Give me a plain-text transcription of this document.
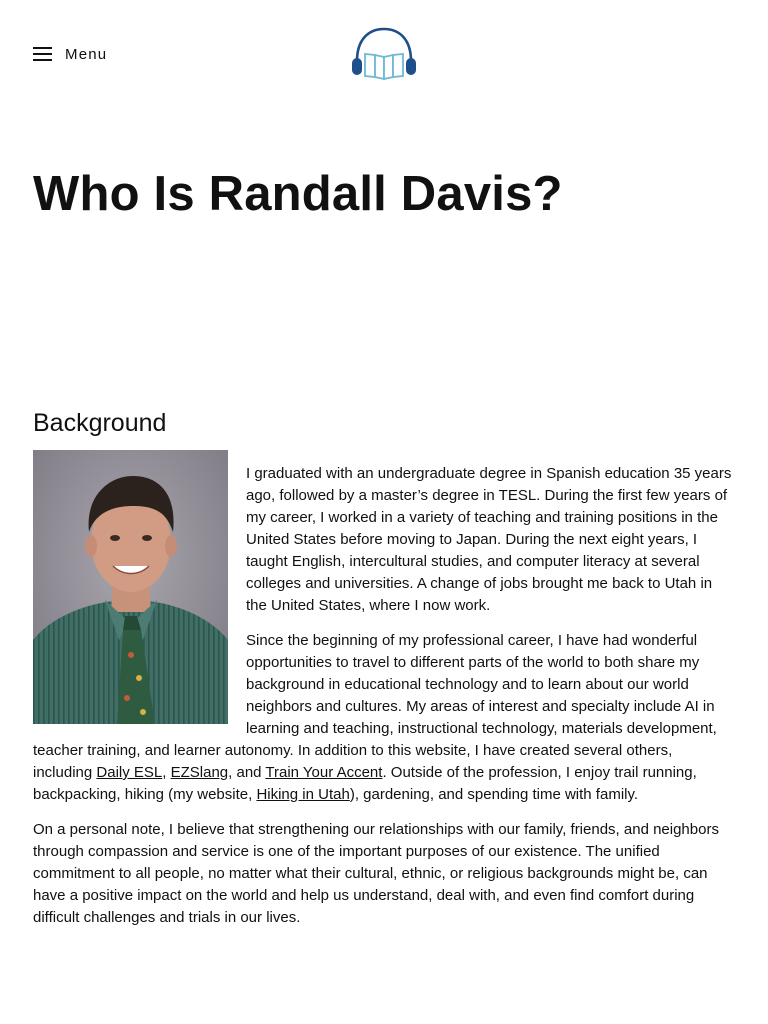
Menu
Who Is Randall Davis?
Background

I graduated with an undergraduate degree in Spanish education 35 years ago, followed by a master’s degree in TESL. During the first few years of my career, I worked in a variety of teaching and training positions in the United States before moving to Japan. During the next eight years, I taught English, intercultural studies, and computer literacy at several colleges and universities. A change of jobs brought me back to Utah in the United States, where I now work.

Since the beginning of my professional career, I have had wonderful opportunities to travel to different parts of the world to both share my background in educational technology and to learn about our world neighbors and cultures. My areas of interest and specialty include AI in learning and teaching, instructional technology, materials development, teacher training, and learner autonomy. In addition to this website, I have created several others, including Daily ESL, EZSlang, and Train Your Accent. Outside of the profession, I enjoy trail running, backpacking, hiking (my website, Hiking in Utah), gardening, and spending time with family.

On a personal note, I believe that strengthening our relationships with our family, friends, and neighbors through compassion and service is one of the important purposes of our existence. The unified commitment to all people, no matter what their cultural, ethnic, or religious backgrounds might be, can have a positive impact on the world and help us understand, deal with, and even find comfort during difficult challenges and trials in our lives.
